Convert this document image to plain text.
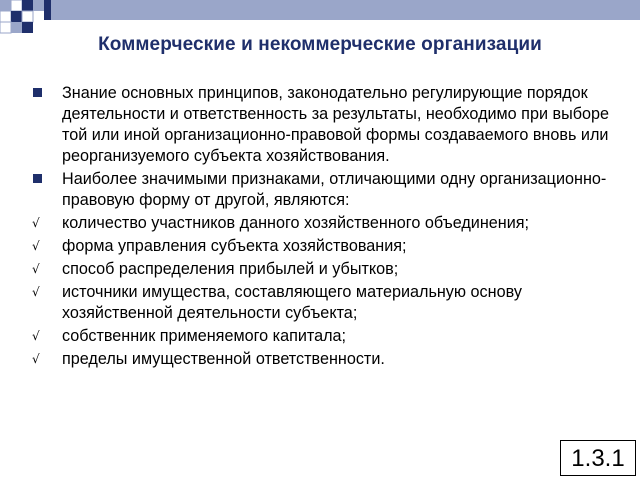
Коммерческие и некоммерческие организации
Знание основных принципов, законодательно регулирующие порядок деятельности и ответственность за результаты, необходимо при выборе той или иной организационно-правовой формы создаваемого вновь или реорганизуемого субъекта хозяйствования.
Наиболее значимыми признаками, отличающими одну организационно-правовую форму от другой, являются:
√	количество участников данного хозяйственного объединения;
√	форма управления субъекта хозяйствования;
√	способ распределения прибылей и убытков;
√	источники имущества, составляющего материальную основу хозяйственной деятельности субъекта;
√	собственник применяемого капитала;
√	пределы имущественной ответственности.
1.3.1
